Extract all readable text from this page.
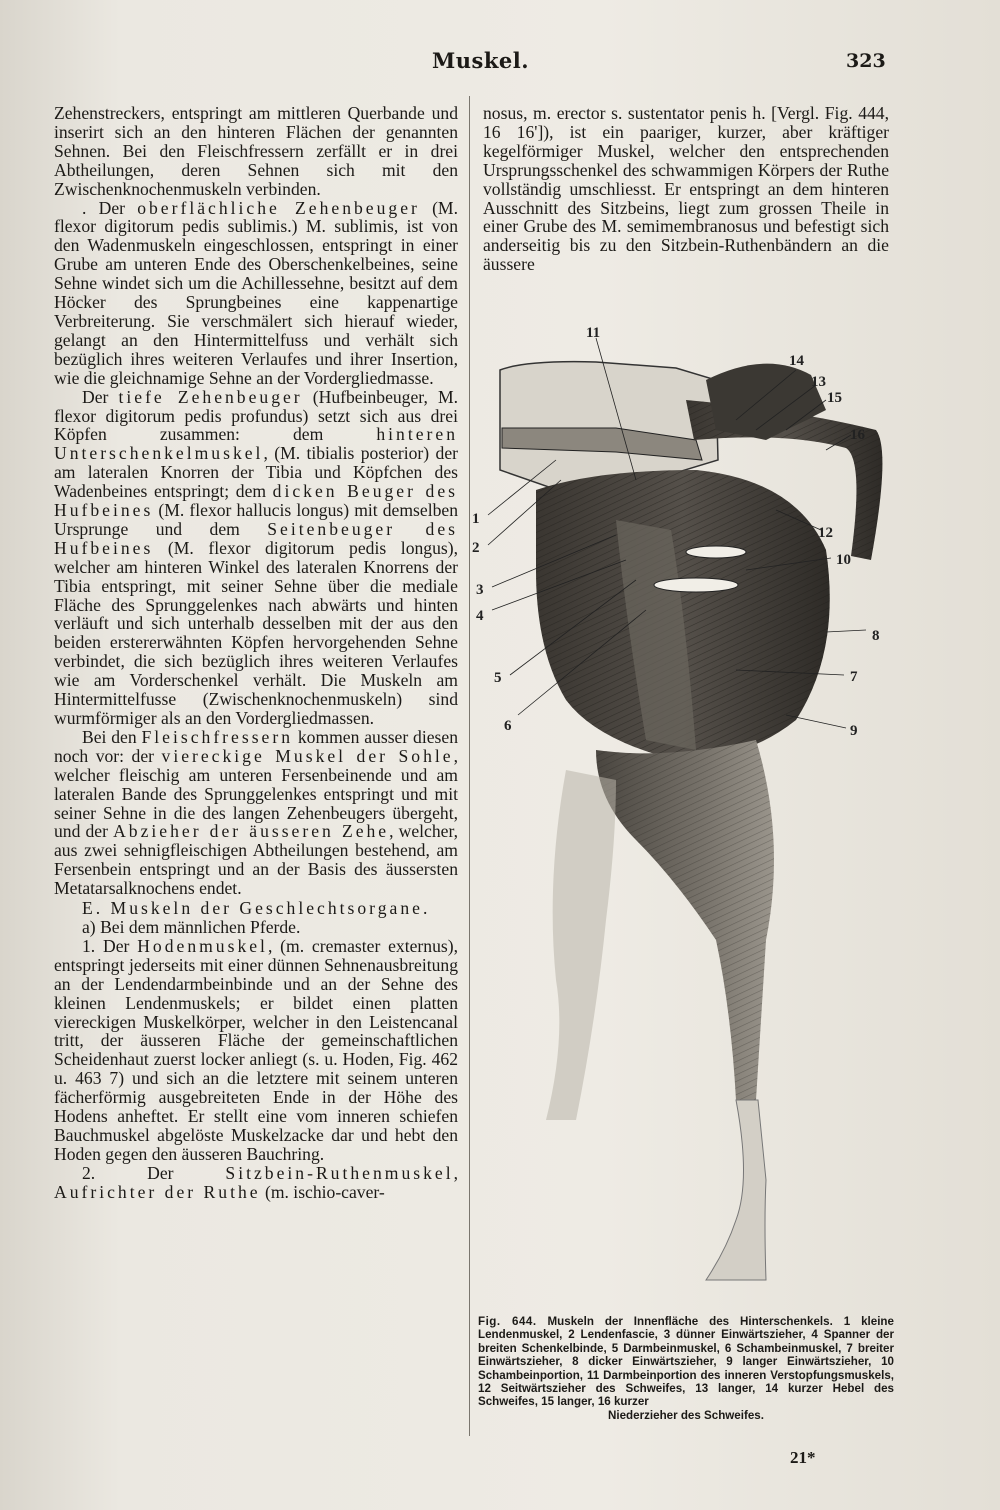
Muskel.	323

Zehenstreckers, entspringt am mittleren Querbande und inserirt sich an den hinteren Flächen der genannten Sehnen. Bei den Fleischfressern zerfällt er in drei Abtheilungen, deren Sehnen sich mit den Zwischenknochenmuskeln verbinden.

. Der oberflächliche Zehenbeuger (M. flexor digitorum pedis sublimis.) M. sublimis, ist von den Wadenmuskeln eingeschlossen, entspringt in einer Grube am unteren Ende des Oberschenkelbeines, seine Sehne windet sich um die Achillessehne, besitzt auf dem Höcker des Sprungbeines eine kappenartige Verbreiterung. Sie verschmälert sich hierauf wieder, gelangt an den Hintermittelfuss und verhält sich bezüglich ihres weiteren Verlaufes und ihrer Insertion, wie die gleichnamige Sehne an der Vordergliedmasse.

Der tiefe Zehenbeuger (Hufbeinbeuger, M. flexor digitorum pedis profundus) setzt sich aus drei Köpfen zusammen: dem hinteren Unterschenkelmuskel, (M. tibialis posterior) der am lateralen Knorren der Tibia und Köpfchen des Wadenbeines entspringt; dem dicken Beuger des Hufbeines (M. flexor hallucis longus) mit demselben Ursprunge und dem Seitenbeuger des Hufbeines (M. flexor digitorum pedis longus), welcher am hinteren Winkel des lateralen Knorrens der Tibia entspringt, mit seiner Sehne über die mediale Fläche des Sprunggelenkes nach abwärts und hinten verläuft und sich unterhalb desselben mit der aus den beiden erstererwähnten Köpfen hervorgehenden Sehne verbindet, die sich bezüglich ihres weiteren Verlaufes wie am Vorderschenkel verhält. Die Muskeln am Hintermittelfusse (Zwischenknochenmuskeln) sind wurmförmiger als an den Vordergliedmassen.

Bei den Fleischfressern kommen ausser diesen noch vor: der viereckige Muskel der Sohle, welcher fleischig am unteren Fersenbeinende und am lateralen Bande des Sprunggelenkes entspringt und mit seiner Sehne in die des langen Zehenbeugers übergeht, und der Abzieher der äusseren Zehe, welcher, aus zwei sehnigfleischigen Abtheilungen bestehend, am Fersenbein entspringt und an der Basis des äussersten Metatarsalknochens endet.

E. Muskeln der Geschlechtsorgane.

a) Bei dem männlichen Pferde.

1. Der Hodenmuskel, (m. cremaster externus), entspringt jederseits mit einer dünnen Sehnenausbreitung an der Lendendarmbeinbinde und an der Sehne des kleinen Lendenmuskels; er bildet einen platten viereckigen Muskelkörper, welcher in den Leistencanal tritt, der äusseren Fläche der gemeinschaftlichen Scheidenhaut zuerst locker anliegt (s. u. Hoden, Fig. 462 u. 463 7) und sich an die letztere mit seinem unteren fächerförmig ausgebreiteten Ende in der Höhe des Hodens anheftet. Er stellt eine vom inneren schiefen Bauchmuskel abgelöste Muskelzacke dar und hebt den Hoden gegen den äusseren Bauchring.

2. Der Sitzbein-Ruthenmuskel, Aufrichter der Ruthe (m. ischio-caver-

nosus, m. erector s. sustentator penis h. [Vergl. Fig. 444, 16 16']), ist ein paariger, kurzer, aber kräftiger kegelförmiger Muskel, welcher den entsprechenden Ursprungsschenkel des schwammigen Körpers der Ruthe vollständig umschliesst. Er entspringt an dem hinteren Ausschnitt des Sitzbeins, liegt zum grossen Theile in einer Grube des M. semimembranosus und befestigt sich anderseitig bis zu den Sitzbein-Ruthenbändern an die äussere

1
2
3
4
5
6
7
8
9
10
11
12
13
14
15
16
Fig. 644. Muskeln der Innenfläche des Hinterschenkels. 1 kleine Lendenmuskel, 2 Lendenfascie, 3 dünner Einwärtszieher, 4 Spanner der breiten Schenkelbinde, 5 Darmbeinmuskel, 6 Schambeinmuskel, 7 breiter Einwärtszieher, 8 dicker Einwärtszieher, 9 langer Einwärtszieher, 10 Schambeinportion, 11 Darmbeinportion des inneren Verstopfungsmuskels, 12 Seitwärtszieher des Schweifes, 13 langer, 14 kurzer Hebel des Schweifes, 15 langer, 16 kurzer
Niederzieher des Schweifes.
21*
